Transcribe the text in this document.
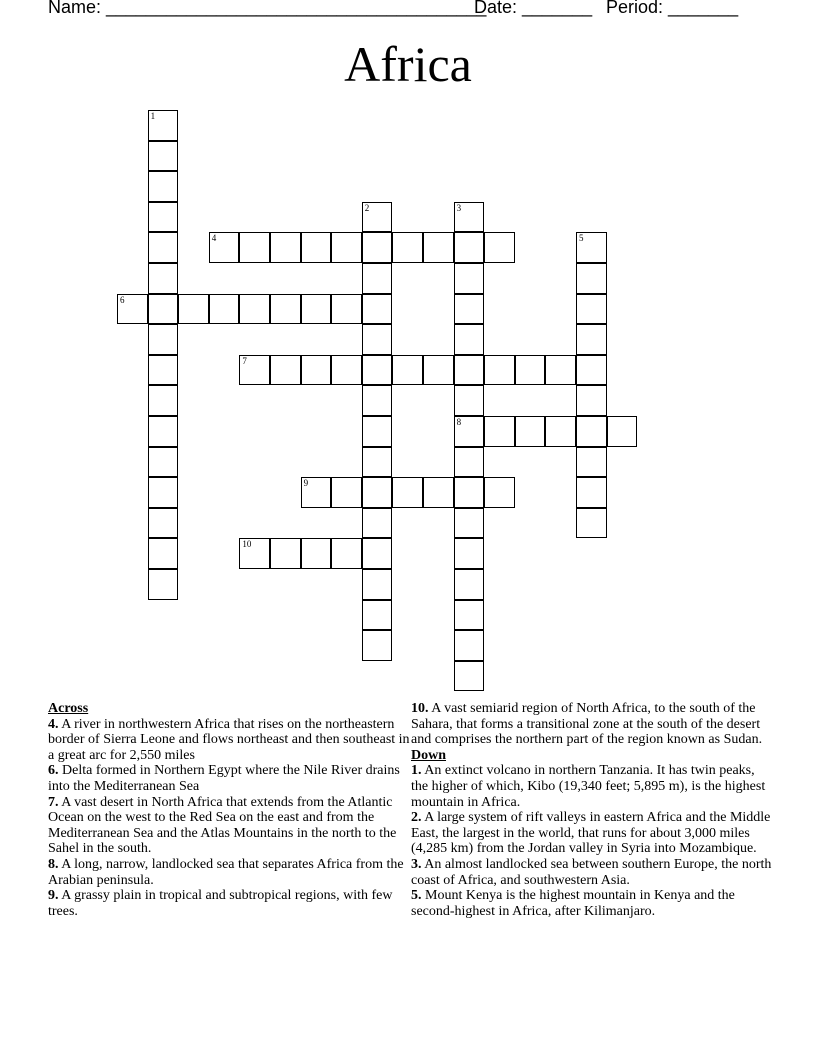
Name: ______________________________________
Date: _______ Period: _______
Africa
1
2	3
8
4	5
6
7
9
10
Across
4. A river in northwestern Africa that rises on the northeastern border of Sierra Leone and flows northeast and then southeast in a great arc for 2,550 miles
6. Delta formed in Northern Egypt where the Nile River drains into the Mediterranean Sea
7. A vast desert in North Africa that extends from the Atlantic Ocean on the west to the Red Sea on the east and from the Mediterranean Sea and the Atlas Mountains in the north to the Sahel in the south.
8. A long, narrow, landlocked sea that separates Africa from the Arabian peninsula.
9. A grassy plain in tropical and subtropical regions, with few trees.
10. A vast semiarid region of North Africa, to the south of the Sahara, that forms a transitional zone at the south of the desert and comprises the northern part of the region known as Sudan.
Down
1. An extinct volcano in northern Tanzania. It has twin peaks, the higher of which, Kibo (19,340 feet; 5,895 m), is the highest mountain in Africa.
2. A large system of rift valleys in eastern Africa and the Middle East, the largest in the world, that runs for about 3,000 miles (4,285 km) from the Jordan valley in Syria into Mozambique.
3. An almost landlocked sea between southern Europe, the north coast of Africa, and southwestern Asia.
5. Mount Kenya is the highest mountain in Kenya and the second-highest in Africa, after Kilimanjaro.
